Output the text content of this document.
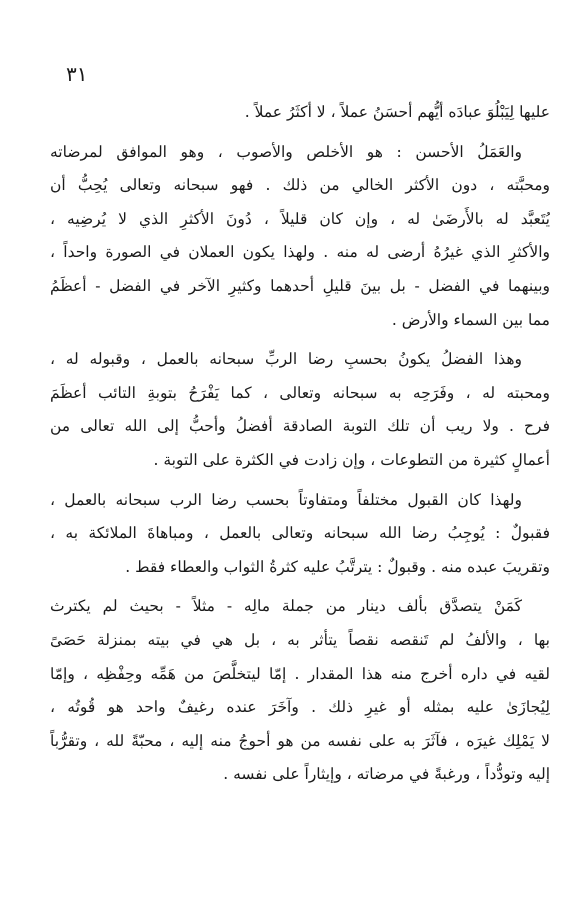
٣١
عليها لِيَبْلُوَ عبادَه أيُّهم أحسَنُ عملاً ، لا أكثَرُ عملاً .
والعَمَلُ الأحسن : هو الأخلص والأصوب ، وهو الموافق لمرضاته
ومحبَّته ، دون الأكثر الخالي من ذلك . فهو سبحانه وتعالى يُحِبُّ أن
يُتَعبَّد له بالأَرضَىٰ له ، وإن كان قليلاً ، دُونَ الأكثرِ الذي لا يُرضِيه ،
والأكثرِ الذي غيرُهُ أرضى له منه . ولهذا يكون العملان في الصورة واحداً ،
وبينهما في الفضل - بل بينَ قليلِ أحدهما وكثيرِ الآخر في الفضل - أعظَمُ
مما بين السماء والأرض .
وهذا الفضلُ يكونُ بحسبِ رضا الربِّ سبحانه بالعمل ، وقبوله له ،
ومحبته له ، وفَرَحِه به سبحانه وتعالى ، كما يَفْرَحُ بتوبةِ التائب أعظَمَ
فرح . ولا ريب أن تلك التوبة الصادقة أفضلُ وأحبُّ إلى الله تعالى من
أعمالٍ كثيرة من التطوعات ، وإن زادت في الكثرة على التوبة .
ولهذا كان القبول مختلفاً ومتفاوتاً بحسب رضا الرب سبحانه بالعمل ،
فقبولٌ : يُوجِبُ رضا الله سبحانه وتعالى بالعمل ، ومباهاةَ الملائكة به ،
وتقريبَ عبده منه . وقبولٌ : يترتَّبُ عليه كثرةُ الثواب والعطاء فقط .
كَمَنْ يتصدَّق بألف دينار من جملة مالِه - مثلاً - بحيث لم يكترث
بها ، والألفُ لم تَنقصه نقصاً يتأثر به ، بل هي في بيته بمنزلة حَصَىً
لقيه في داره أخرج منه هذا المقدار . إمّا ليتخلَّصَ من هَمِّه وحِفْظِه ، وإمّا
لِيُجازَىٰ عليه بمثله أو غيرِ ذلك . وآخَرَ عنده رغيفٌ واحد هو قُوتُه ،
لا يَمْلِك غيرَه ، فآثَرَ به على نفسه من هو أحوجُ منه إليه ، محبّةً لله ، وتقرُّباً
إليه وتودُّداً ، ورغبةً في مرضاته ، وإيثاراً على نفسه .
